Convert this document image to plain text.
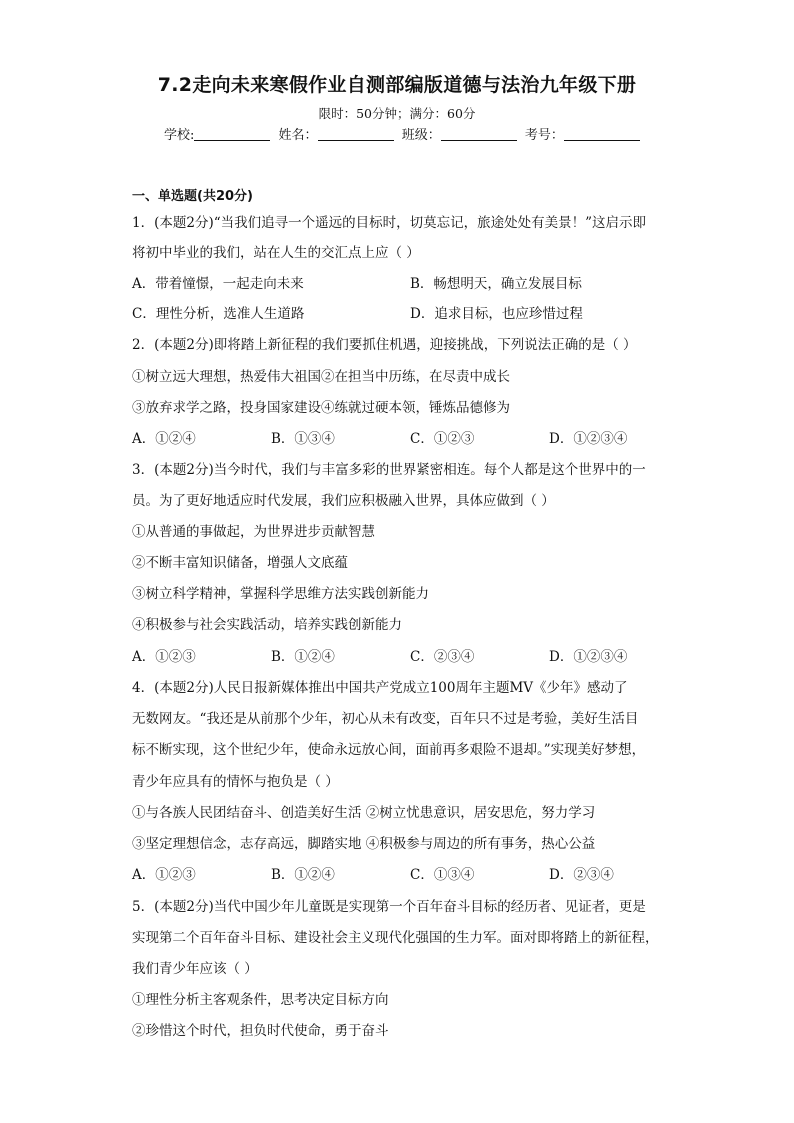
7.2走向未来寒假作业自测部编版道德与法治九年级下册
限时：50分钟；满分：60分
学校:	姓名：	班级：	考号：
一、单选题(共20分)
1．(本题2分)“当我们追寻一个遥远的目标时，切莫忘记，旅途处处有美景！”这启示即
将初中毕业的我们，站在人生的交汇点上应（ ）
A．带着憧憬，一起走向未来	B．畅想明天，确立发展目标
C．理性分析，选准人生道路	D．追求目标，也应珍惜过程
2．(本题2分)即将踏上新征程的我们要抓住机遇，迎接挑战，下列说法正确的是（ ）
①树立远大理想，热爱伟大祖国②在担当中历练，在尽责中成长
③放弃求学之路，投身国家建设④练就过硬本领，锤炼品德修为
A．①②④	B．①③④	C．①②③	D．①②③④
3．(本题2分)当今时代，我们与丰富多彩的世界紧密相连。每个人都是这个世界中的一
员。为了更好地适应时代发展，我们应积极融入世界，具体应做到（ ）
①从普通的事做起，为世界进步贡献智慧
②不断丰富知识储备，增强人文底蕴
③树立科学精神，掌握科学思维方法实践创新能力
④积极参与社会实践活动，培养实践创新能力
A．①②③	B．①②④	C．②③④	D．①②③④
4．(本题2分)人民日报新媒体推出中国共产党成立100周年主题MV《少年》感动了
无数网友。“我还是从前那个少年，初心从未有改变，百年只不过是考验，美好生活目
标不断实现，这个世纪少年，使命永远放心间，面前再多艰险不退却。”实现美好梦想，
青少年应具有的情怀与抱负是（ ）
①与各族人民团结奋斗、创造美好生活 ②树立忧患意识，居安思危，努力学习
③坚定理想信念，志存高远，脚踏实地 ④积极参与周边的所有事务，热心公益
A．①②③	B．①②④	C．①③④	D．②③④
5．(本题2分)当代中国少年儿童既是实现第一个百年奋斗目标的经历者、见证者，更是
实现第二个百年奋斗目标、建设社会主义现代化强国的生力军。面对即将踏上的新征程，
我们青少年应该（ ）
①理性分析主客观条件，思考决定目标方向
②珍惜这个时代，担负时代使命，勇于奋斗
